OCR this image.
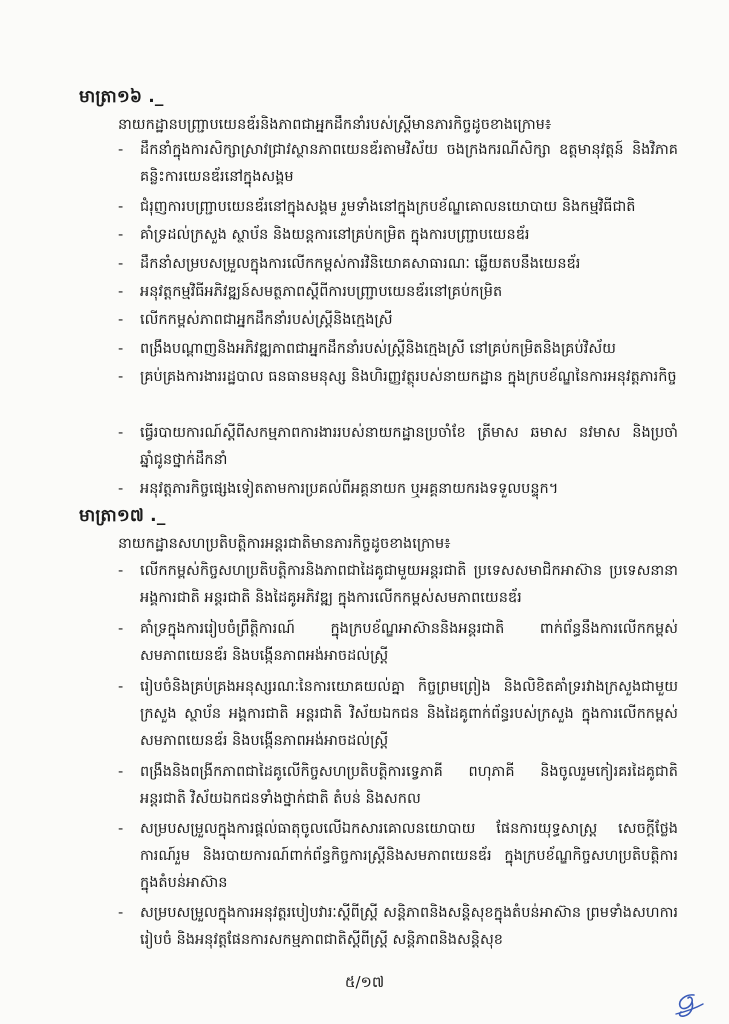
មាត្រា១៦ ._
នាយកដ្ឋានបញ្ជ្រាបយេនឌ័រនិងភាពជាអ្នកដឹកនាំរបស់ស្ត្រីមានភារកិច្ចដូចខាងក្រោម៖
-	ដឹកនាំក្នុងការសិក្សាស្រាវជ្រាវស្ថានភាពយេនឌ័រតាមវិស័យ ចងក្រងករណីសិក្សា ឧត្តមានុវត្តន៍ និងវិភាគគន្លិះការយេនឌ័រនៅក្នុងសង្គម
-	ជំរុញការបញ្ជ្រាបយេនឌ័រនៅក្នុងសង្គម រួមទាំងនៅក្នុងក្របខ័ណ្ឌគោលនយោបាយ និងកម្មវិធីជាតិ
-	គាំទ្រដល់ក្រសួង ស្ថាប័ន និងយន្តការនៅគ្រប់កម្រិត ក្នុងការបញ្ជ្រាបយេនឌ័រ
-	ដឹកនាំសម្របសម្រួលក្នុងការលើកកម្ពស់ការវិនិយោគសាធារណៈ ឆ្លើយតបនឹងយេនឌ័រ
-	អនុវត្តកម្មវិធីអភិវឌ្ឍន៍សមត្ថភាពស្តីពីការបញ្ជ្រាបយេនឌ័រនៅគ្រប់កម្រិត
-	លើកកម្ពស់ភាពជាអ្នកដឹកនាំរបស់ស្ត្រីនិងក្មេងស្រី
-	ពង្រឹងបណ្តាញនិងអភិវឌ្ឍភាពជាអ្នកដឹកនាំរបស់ស្ត្រីនិងក្មេងស្រី នៅគ្រប់កម្រិតនិងគ្រប់វិស័យ
-	គ្រប់គ្រងការងាររដ្ឋបាល ធនធានមនុស្ស និងហិរញ្ញវត្ថុរបស់នាយកដ្ឋាន ក្នុងក្របខ័ណ្ឌនៃការអនុវត្តភារកិច្ច
-	ធ្វើរបាយការណ៍ស្តីពីសកម្មភាពការងាររបស់នាយកដ្ឋានប្រចាំខែ ត្រីមាស ឆមាស នវមាស និងប្រចាំឆ្នាំជូនថ្នាក់ដឹកនាំ
-	អនុវត្តភារកិច្ចផ្សេងទៀតតាមការប្រគល់ពីអគ្គនាយក ឬអគ្គនាយករងទទួលបន្ទុក។
មាត្រា១៧ ._
នាយកដ្ឋានសហប្រតិបត្តិការអន្តរជាតិមានភារកិច្ចដូចខាងក្រោម៖
-	លើកកម្ពស់កិច្ចសហប្រតិបត្តិការនិងភាពជាដៃគូជាមួយអន្តរជាតិ ប្រទេសសមាជិកអាស៊ាន ប្រទេសនានា អង្គការជាតិ អន្តរជាតិ និងដៃគូអភិវឌ្ឍ ក្នុងការលើកកម្ពស់សមភាពយេនឌ័រ
-	គាំទ្រក្នុងការរៀបចំព្រឹត្តិការណ៍ ក្នុងក្របខ័ណ្ឌអាស៊ាននិងអន្តរជាតិ ពាក់ព័ន្ធនឹងការលើកកម្ពស់សមភាពយេនឌ័រ និងបង្កើនភាពអង់អាចដល់ស្ត្រី
-	រៀបចំនិងគ្រប់គ្រងអនុស្សរណៈនៃការយោគយល់គ្នា កិច្ចព្រមព្រៀង និងលិខិតគាំទ្ររវាងក្រសួងជាមួយក្រសួង ស្ថាប័ន អង្គការជាតិ អន្តរជាតិ វិស័យឯកជន និងដៃគូពាក់ព័ន្ធរបស់ក្រសួង ក្នុងការលើកកម្ពស់សមភាពយេនឌ័រ និងបង្កើនភាពអង់អាចដល់ស្ត្រី
-	ពង្រឹងនិងពង្រីកភាពជាដៃគូលើកិច្ចសហប្រតិបត្តិការទ្វេភាគី ពហុភាគី និងចូលរួមកៀរគរដៃគូជាតិ អន្តរជាតិ វិស័យឯកជនទាំងថ្នាក់ជាតិ តំបន់ និងសកល
-	សម្របសម្រួលក្នុងការផ្តល់ធាតុចូលលើឯកសារគោលនយោបាយ ផែនការយុទ្ធសាស្ត្រ សេចក្តីថ្លែងការណ៍រួម និងរបាយការណ៍ពាក់ព័ន្ធកិច្ចការស្ត្រីនិងសមភាពយេនឌ័រ ក្នុងក្របខ័ណ្ឌកិច្ចសហប្រតិបត្តិការក្នុងតំបន់អាស៊ាន
-	សម្របសម្រួលក្នុងការអនុវត្តរបៀបវារៈស្តីពីស្ត្រី សន្តិភាពនិងសន្តិសុខក្នុងតំបន់អាស៊ាន ព្រមទាំងសហការរៀបចំ និងអនុវត្តផែនការសកម្មភាពជាតិស្តីពីស្ត្រី សន្តិភាពនិងសន្តិសុខ
៥/១៧
